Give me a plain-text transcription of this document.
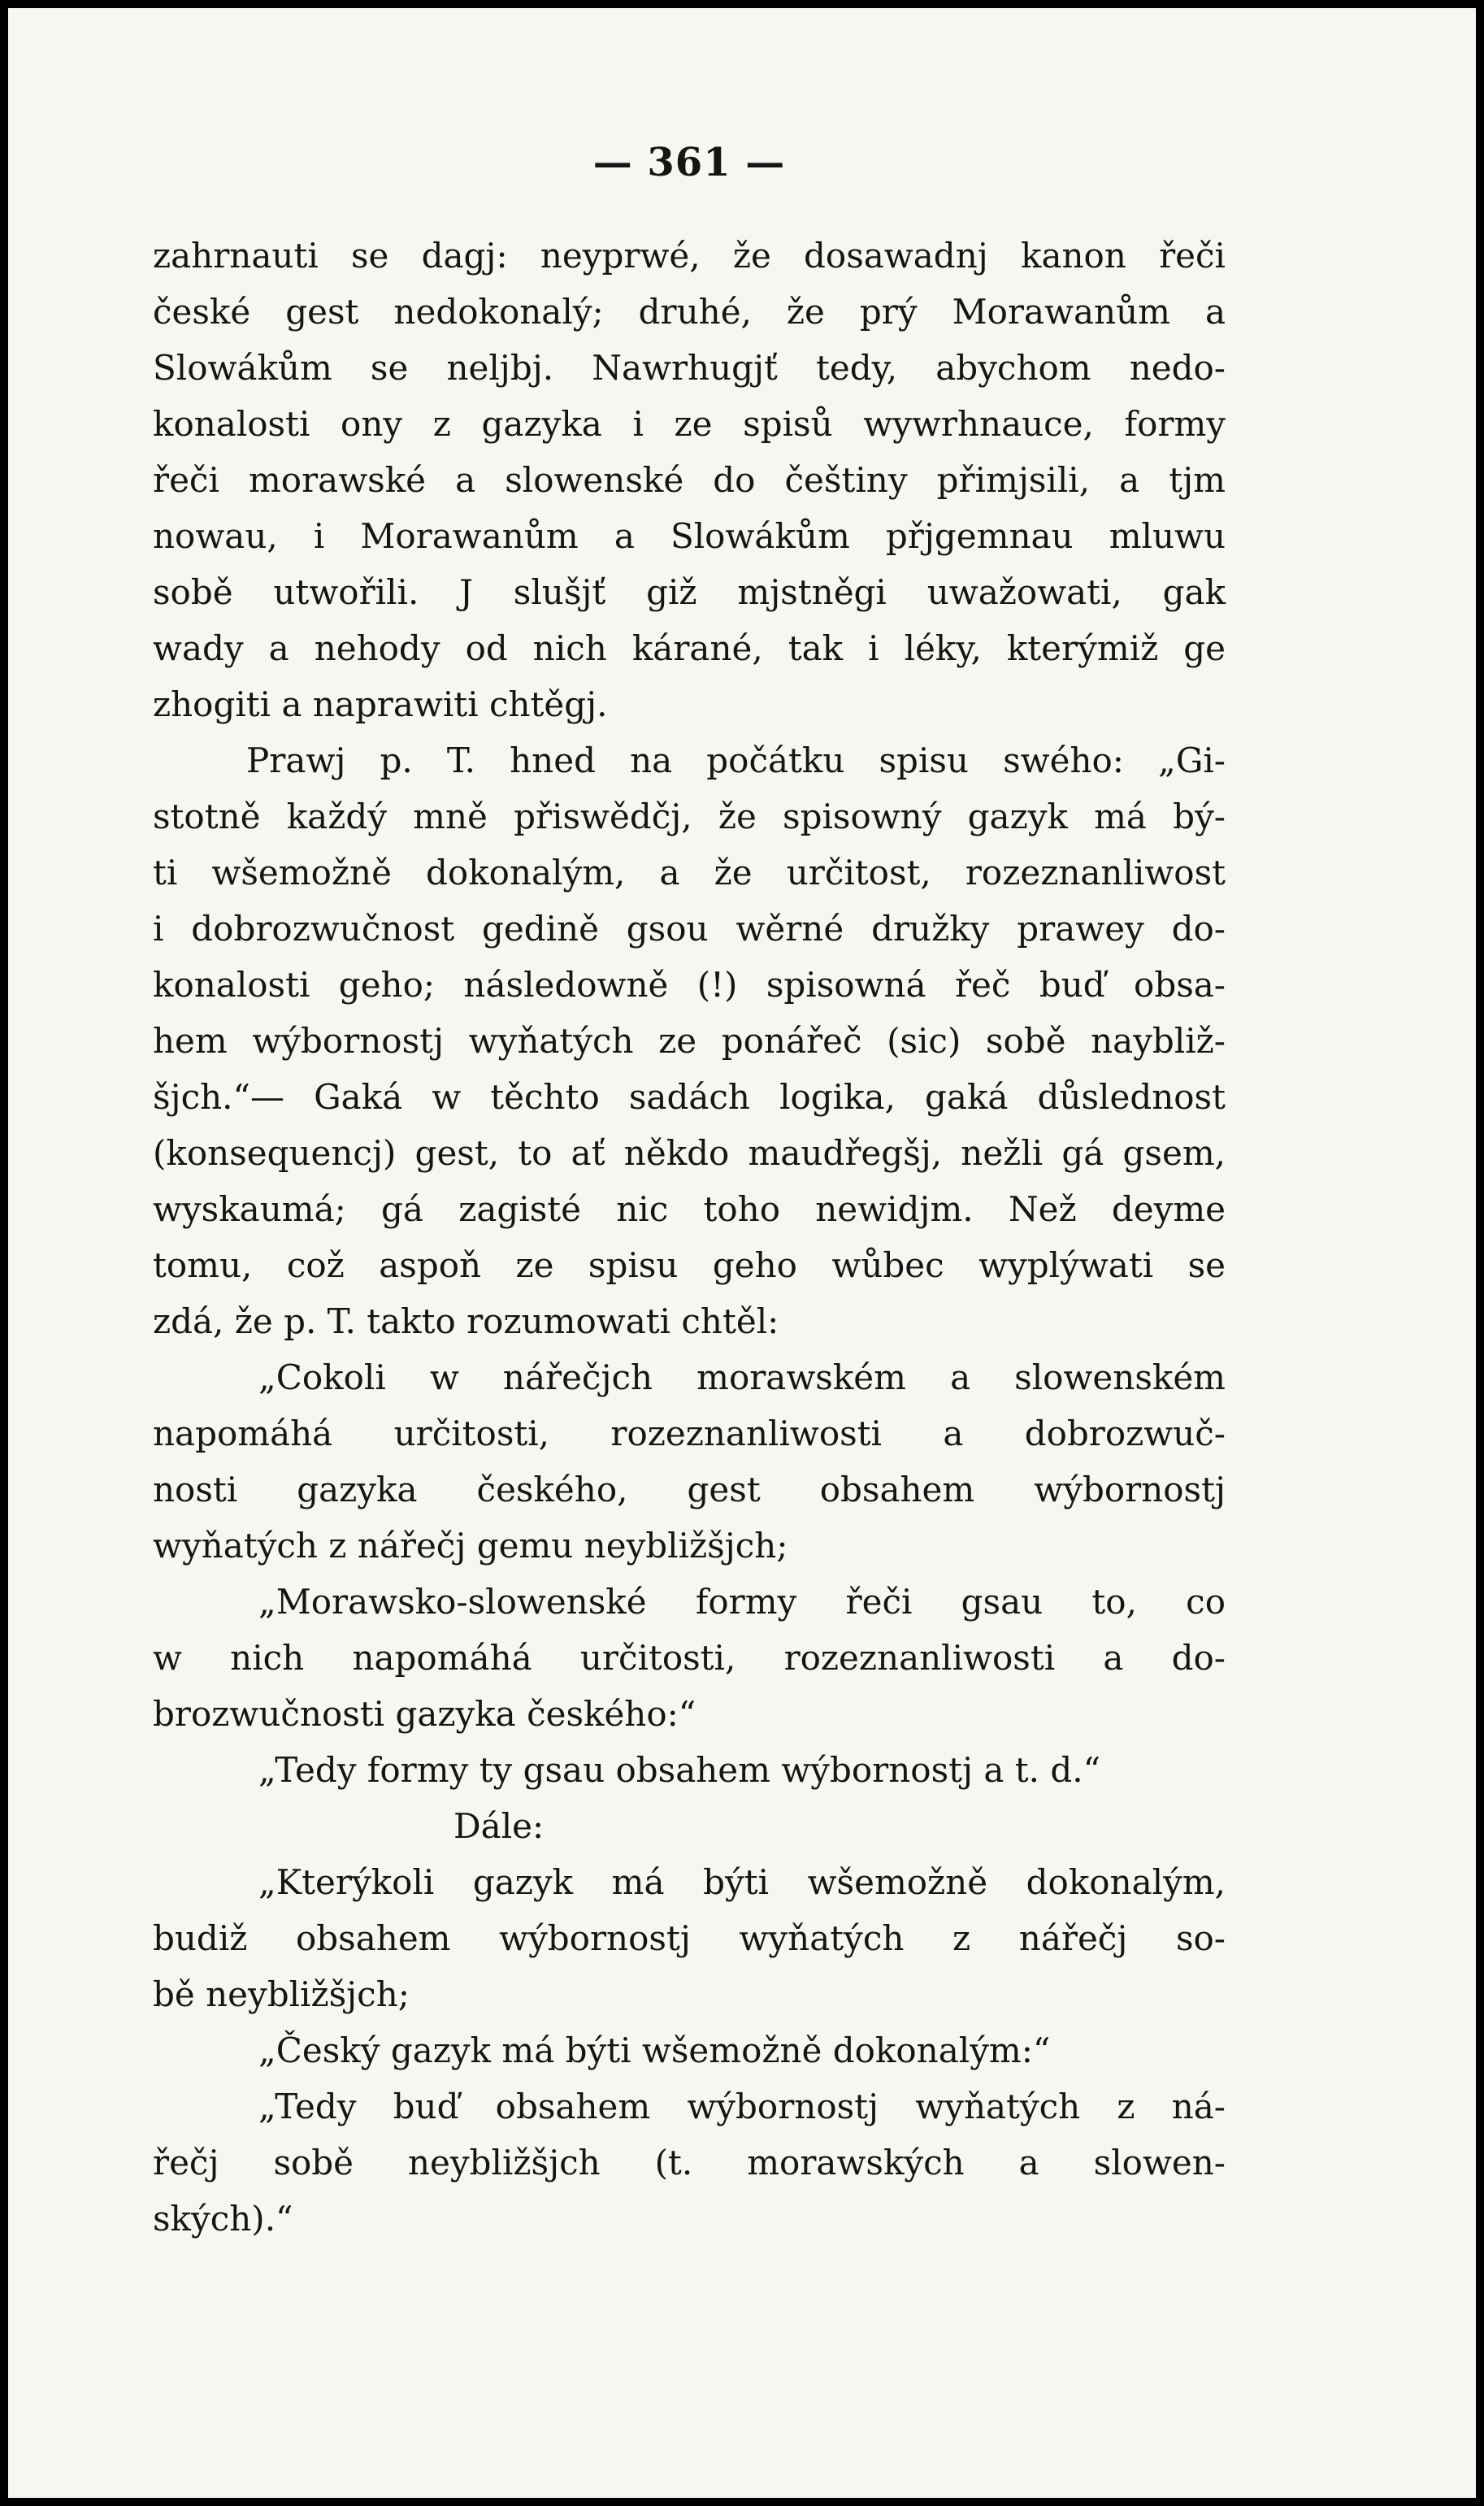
— 361 —
zahrnauti se dagj: neyprwé, že dosawadnj kanon řeči
české gest nedokonalý; druhé, že prý Morawanům a
Slowákům se neljbj. Nawrhugjť tedy, abychom nedo-
konalosti ony z gazyka i ze spisů wywrhnauce, formy
řeči morawské a slowenské do češtiny přimjsili, a tjm
nowau, i Morawanům a Slowákům přjgemnau mluwu
sobě utwořili. J slušjť giž mjstněgi uwažowati, gak
wady a nehody od nich kárané, tak i léky, kterýmiž ge
zhogiti a naprawiti chtěgj.
Prawj p. T. hned na počátku spisu swého: „Gi-
stotně každý mně přiswědčj, že spisowný gazyk má bý-
ti wšemožně dokonalým, a že určitost, rozeznanliwost
i dobrozwučnost gedině gsou wěrné družky prawey do-
konalosti geho; následowně (!) spisowná řeč buď obsa-
hem wýbornostj wyňatých ze ponářeč (sic) sobě naybliž-
šjch.“— Gaká w těchto sadách logika, gaká důslednost
(konsequencj) gest, to ať někdo maudřegšj, nežli gá gsem,
wyskaumá; gá zagisté nic toho newidjm. Než deyme
tomu, což aspoň ze spisu geho wůbec wyplýwati se
zdá, že p. T. takto rozumowati chtěl:
„Cokoli w nářečjch morawském a slowenském
napomáhá určitosti, rozeznanliwosti a dobrozwuč-
nosti gazyka českého, gest obsahem wýbornostj
wyňatých z nářečj gemu neybližšjch;
„Morawsko-slowenské formy řeči gsau to, co
w nich napomáhá určitosti, rozeznanliwosti a do-
brozwučnosti gazyka českého:“
„Tedy formy ty gsau obsahem wýbornostj a t. d.“
Dále:
„Kterýkoli gazyk má býti wšemožně dokonalým,
budiž obsahem wýbornostj wyňatých z nářečj so-
bě neybližšjch;
„Český gazyk má býti wšemožně dokonalým:“
„Tedy buď obsahem wýbornostj wyňatých z ná-
řečj sobě neybližšjch (t. morawských a slowen-
ských).“
